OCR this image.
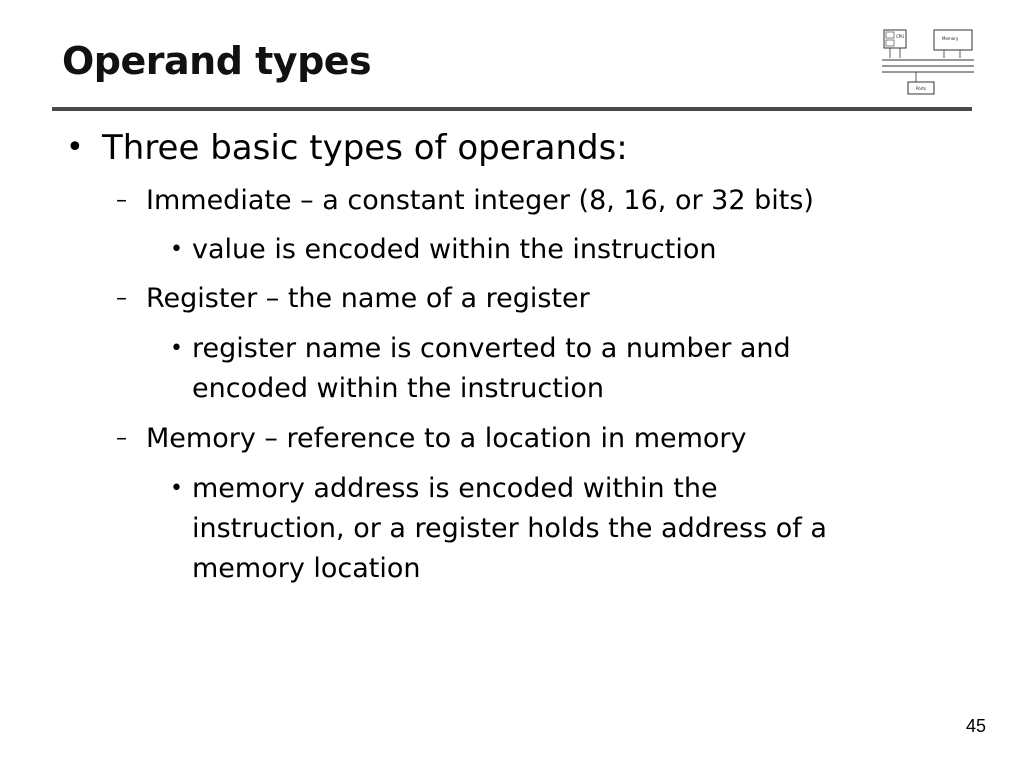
Operand types
CPU	Memory
Ports
• Three basic types of operands:
– Immediate – a constant integer (8, 16, or 32 bits)
• value is encoded within the instruction
– Register – the name of a register
• register name is converted to a number and
encoded within the instruction
– Memory – reference to a location in memory
• memory address is encoded within the
instruction, or a register holds the address of a
memory location
45
